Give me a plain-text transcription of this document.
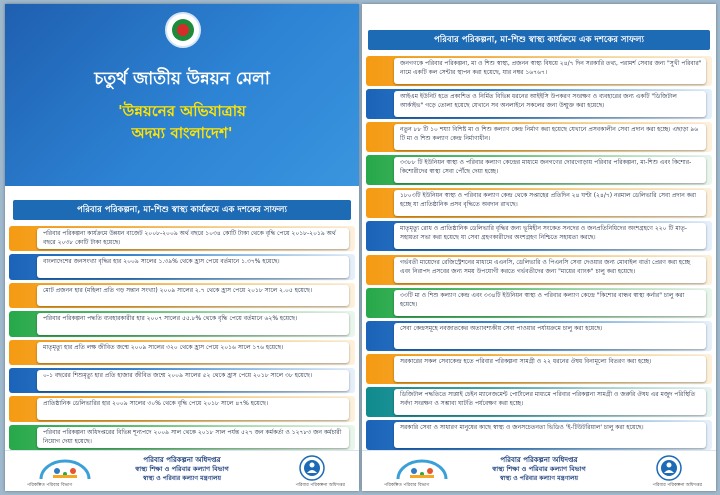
চতুর্থ জাতীয় উন্নয়ন মেলা
'উন্নয়নের অভিযাত্রায়
অদম্য বাংলাদেশ'
পরিবার পরিকল্পনা, মা-শিশু স্বাস্থ্য কার্যক্রমে এক দশকের সাফল্য
পরিবার পরিকল্পনা কার্যক্রমে উন্নয়ন বাজেট ২০০৮-২০০৯ অর্থ বছরে ১০৩৪ কোটি টাকা থেকে বৃদ্ধি পেয়ে ২০১৮-২০১৯ অর্থ বছরে ২০৩৮ কোটি টাকা হয়েছে।
বাংলাদেশের জনসংখ্যা বৃদ্ধির হার ২০০৯ সালের ১.৩৯% থেকে হ্রাস পেয়ে বর্তমানে ১.৩৭% হয়েছে।
মোট প্রজনন হার (মহিলা প্রতি গড় সন্তান সংখ্যা) ২০০৯ সালের ২.৭ থেকে হ্রাস পেয়ে ২০১৮ সালে ২.০৫ হয়েছে।
পরিবার পরিকল্পনা পদ্ধতি ব্যবহারকারীর হার ২০০৭ সালের ৫৫.৮% থেকে বৃদ্ধি পেয়ে বর্তমানে ৬২% হয়েছে।
মাতৃমৃত্যু হার প্রতি লক্ষ জীবিত জন্মে ২০০৯ সালের ৩২০ থেকে হ্রাস পেয়ে ২০১৬ সালে ১৭৬ হয়েছে।
০-১ বছরের শিশুমৃত্যু হার প্রতি হাজার জীবিত জন্মে ২০০৯ সালের ৫২ থেকে হ্রাস পেয়ে ২০১৮ সালে ৩৮ হয়েছে।
প্রাতিষ্ঠানিক ডেলিভারির হার ২০০৯ সালের ৩০% থেকে বৃদ্ধি পেয়ে ২০১৮ সালে ৪৭% হয়েছে।
পরিবার পরিকল্পনা অধিদপ্তরের বিভিন্ন শূন্যপদে ২০০৯ সাল থেকে ২০১৮ সাল পর্যন্ত ৫২৭ জন কর্মকর্তা ও ১২৭৮৩ জন কর্মচারী নিয়োগ দেয়া হয়েছে।
পরিকল্পিত পরিবার বিভাগ
পরিবার পরিকল্পনা অধিদপ্তর
স্বাস্থ্য শিক্ষা ও পরিবার কল্যাণ বিভাগ
স্বাস্থ্য ও পরিবার কল্যাণ মন্ত্রণালয়
পরিবার পরিকল্পনা অধিদপ্তর
পরিবার পরিকল্পনা, মা-শিশু স্বাস্থ্য কার্যক্রমে এক দশকের সাফল্য
জনগণকে পরিবার পরিকল্পনা, মা ও শিশু স্বাস্থ্য, প্রজনন স্বাস্থ্য বিষয়ে ২৪/৭ দিন সরকারি তথ্য, পরামর্শ সেবার জন্য "সুখী পরিবার" নামে একটি কল সেন্টার স্থাপন করা হয়েছে, যার নম্বর ১৬৭৬৭।
আইএম ইউনিট হতে প্রকাশিত ও নির্মিত বিভিন্ন ধরনের আইইসি উপকরণ সংরক্ষণ ও ব্যবহারের জন্য একটি "ডিজিটাল আর্কাইভ" গড়ে তোলা হয়েছে যেখানে সব অনলাইনে সকলের জন্য উন্মুক্ত করা হয়েছে।
নতুন ৮৮ টি ১০ শয্যা বিশিষ্ট মা ও শিশু কল্যাণ কেন্দ্র নির্মাণ করা হয়েছে যেখানে প্রসবকালীন সেবা প্রদান করা হচ্ছে। এছাড়া ৯৬ টি মা ও শিশু কল্যাণ কেন্দ্র নির্মাণাধীন।
৩৩৮৮ টি ইউনিয়ন স্বাস্থ্য ও পরিবার কল্যাণ কেন্দ্রের মাধ্যমে জনগণের দোরগোড়ায় পরিবার পরিকল্পনা, মা-শিশু এবং কিশোর-কিশোরীদের স্বাস্থ্য সেবা পৌঁছে দেয়া হচ্ছে।
১৮০৩টি ইউনিয়ন স্বাস্থ্য ও পরিবার কল্যাণ কেন্দ্র থেকে সপ্তাহের প্রতিদিন ২৪ ঘণ্টা (২৪/৭) নরমাল ডেলিভারি সেবা প্রদান করা হচ্ছে যা প্রাতিষ্ঠানিক প্রসব বৃদ্ধিতে অবদান রাখছে।
মাতৃমৃত্যু রোধ ও প্রাতিষ্ঠানিক ডেলিভারি বৃদ্ধির জন্য ভূমিহীন সংকেত সনদের ও জনপ্রতিনিধিদের অংশগ্রহণে ২২০ টি মাতৃ-সহায়তা সভা করা হয়েছে যা সেবা গ্রহণকারীদের অংশগ্রহণ নিশ্চিতে সহায়তা করছে।
গর্ভবতী মায়েদের রেজিস্ট্রেশনের মাধ্যমে এএনসি, ডেলিভারি ও পিএনসি সেবা দেওয়ার জন্য মোবাইল বার্তা প্রেরণ করা হচ্ছে এবং নিরাপদ প্রসবের জন্য সময় উপযোগী করতে গর্ভবতীদের জন্য "মায়ের ব্যাংক" চালু করা হয়েছে।
৩৩টি মা ও শিশু কল্যাণ কেন্দ্র এবং ৩৩৪টি ইউনিয়ন স্বাস্থ্য ও পরিবার কল্যাণ কেন্দ্রে "কিশোর বান্ধব স্বাস্থ্য কর্নার" চালু করা হয়েছে।
সেবা কেন্দ্রসমূহে নবজাতকের অত্যাবশ্যকীয় সেবা পাওয়ার পর্যায়ক্রমে চালু করা হয়েছে।
সরকারের সকল সেবাকেন্দ্র হতে পরিবার পরিকল্পনা সামগ্রী ও ২২ ধরনের ঔষধ বিনামূল্যে বিতরণ করা হচ্ছে।
ডিজিটাল পদ্ধতিতে সাপ্লাই চেইন ম্যানেজমেন্ট পোর্টালের মাধ্যমে পরিবার পরিকল্পনা সামগ্রী ও জরুরি ঔষধ এর মজুদ পরিস্থিতি সর্বদা সংরক্ষণ ও সম্ভাব্য ঘাটতি পর্যবেক্ষণ করা হচ্ছে।
সরকারি সেবা ও সাধারণ মানুষের কাছে স্বাস্থ্য ও জনসচেতনতা ভিডিও 'ই-টিউটরিয়াল' চালু করা হয়েছে।
পরিকল্পিত পরিবার বিভাগ
পরিবার পরিকল্পনা অধিদপ্তর
স্বাস্থ্য শিক্ষা ও পরিবার কল্যাণ বিভাগ
স্বাস্থ্য ও পরিবার কল্যাণ মন্ত্রণালয়
পরিবার পরিকল্পনা অধিদপ্তর
